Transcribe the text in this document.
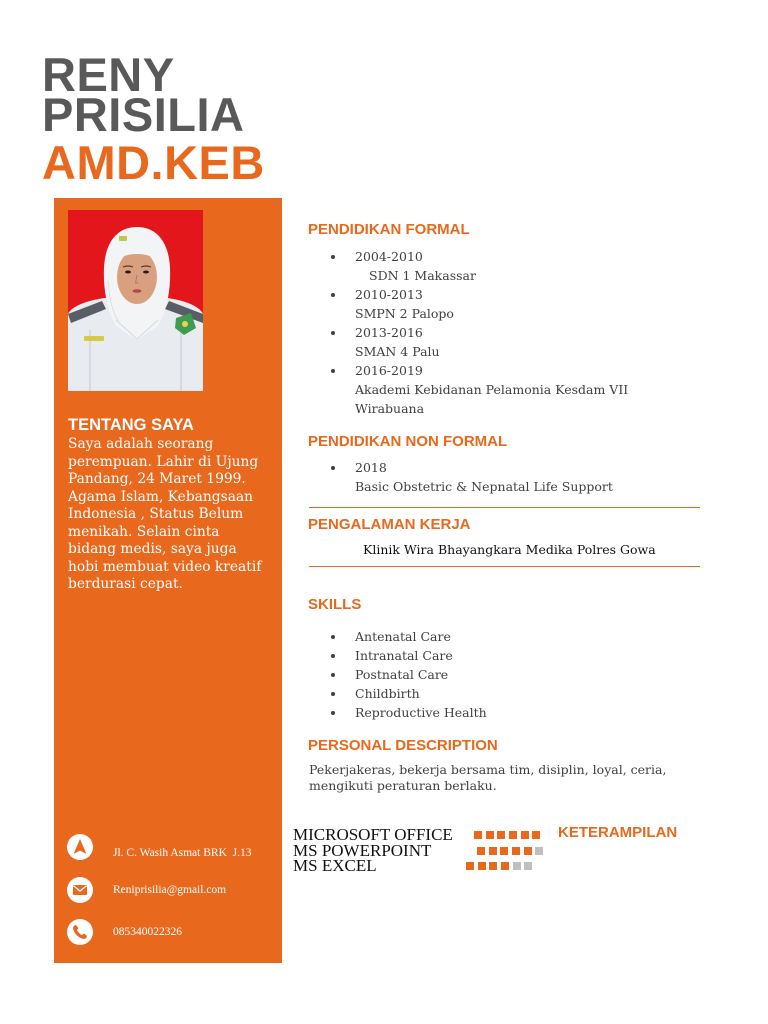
RENY
PRISILIA
AMD.KEB
TENTANG SAYA

Saya adalah seorang
perempuan. Lahir di Ujung
Pandang, 24 Maret 1999.
Agama Islam, Kebangsaan
Indonesia , Status Belum
menikah. Selain cinta
bidang medis, saya juga
hobi membuat video kreatif
berdurasi cepat.

Jl. C. Wasih Asmat BRK  J.13
Reniprisilia@gmail.com
085340022326
PENDIDIKAN FORMAL
2004-2010
SDN 1 Makassar
2010-2013
SMPN 2 Palopo
2013-2016
SMAN 4 Palu
2016-2019
Akademi Kebidanan Pelamonia Kesdam VII Wirabuana
PENDIDIKAN NON FORMAL
2018
Basic Obstetric & Nepnatal Life Support
PENGALAMAN KERJA

Klinik Wira Bhayangkara Medika Polres Gowa

SKILLS
Antenatal Care
Intranatal Care
Postnatal Care
Childbirth
Reproductive Health
PERSONAL DESCRIPTION

Pekerjakeras, bekerja bersama tim, disiplin, loyal, ceria, mengikuti peraturan berlaku.

MICROSOFT OFFICE
MS POWERPOINT
MS EXCEL
KETERAMPILAN
